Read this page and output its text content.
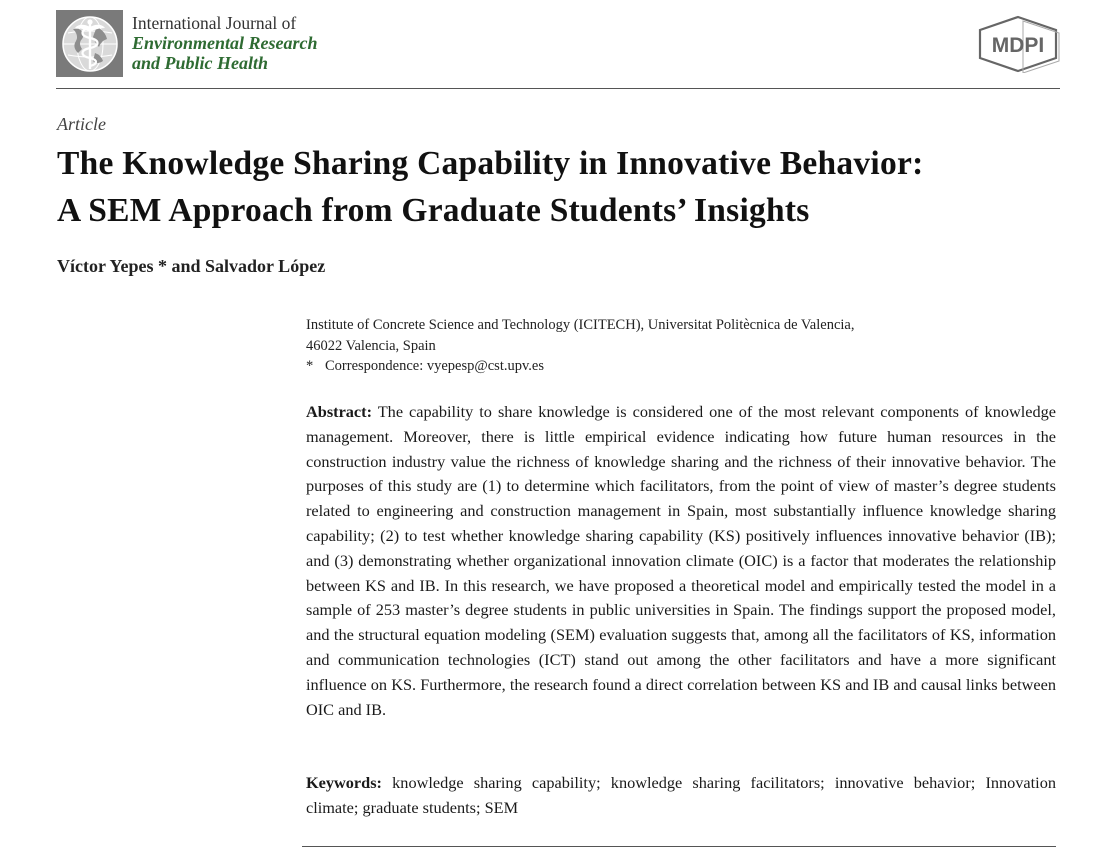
International Journal of
Environmental Research
and Public Health
MDPI
Article
The Knowledge Sharing Capability in Innovative Behavior:
A SEM Approach from Graduate Students’ Insights
Víctor Yepes * and Salvador López
Institute of Concrete Science and Technology (ICITECH), Universitat Politècnica de Valencia,
46022 Valencia, Spain
* Correspondence: vyepesp@cst.upv.es
Abstract: The capability to share knowledge is considered one of the most relevant components of knowledge management. Moreover, there is little empirical evidence indicating how future human resources in the construction industry value the richness of knowledge sharing and the richness of their innovative behavior. The purposes of this study are (1) to determine which facilitators, from the point of view of master’s degree students related to engineering and construction management in Spain, most substantially influence knowledge sharing capability; (2) to test whether knowledge sharing capability (KS) positively influences innovative behavior (IB); and (3) demonstrating whether organizational innovation climate (OIC) is a factor that moderates the relationship between KS and IB. In this research, we have proposed a theoretical model and empirically tested the model in a sample of 253 master’s degree students in public universities in Spain. The findings support the proposed model, and the structural equation modeling (SEM) evaluation suggests that, among all the facilitators of KS, information and communication technologies (ICT) stand out among the other facilitators and have a more significant influence on KS. Furthermore, the research found a direct correlation between KS and IB and causal links between OIC and IB.
Keywords: knowledge sharing capability; knowledge sharing facilitators; innovative behavior; Innovation climate; graduate students; SEM
